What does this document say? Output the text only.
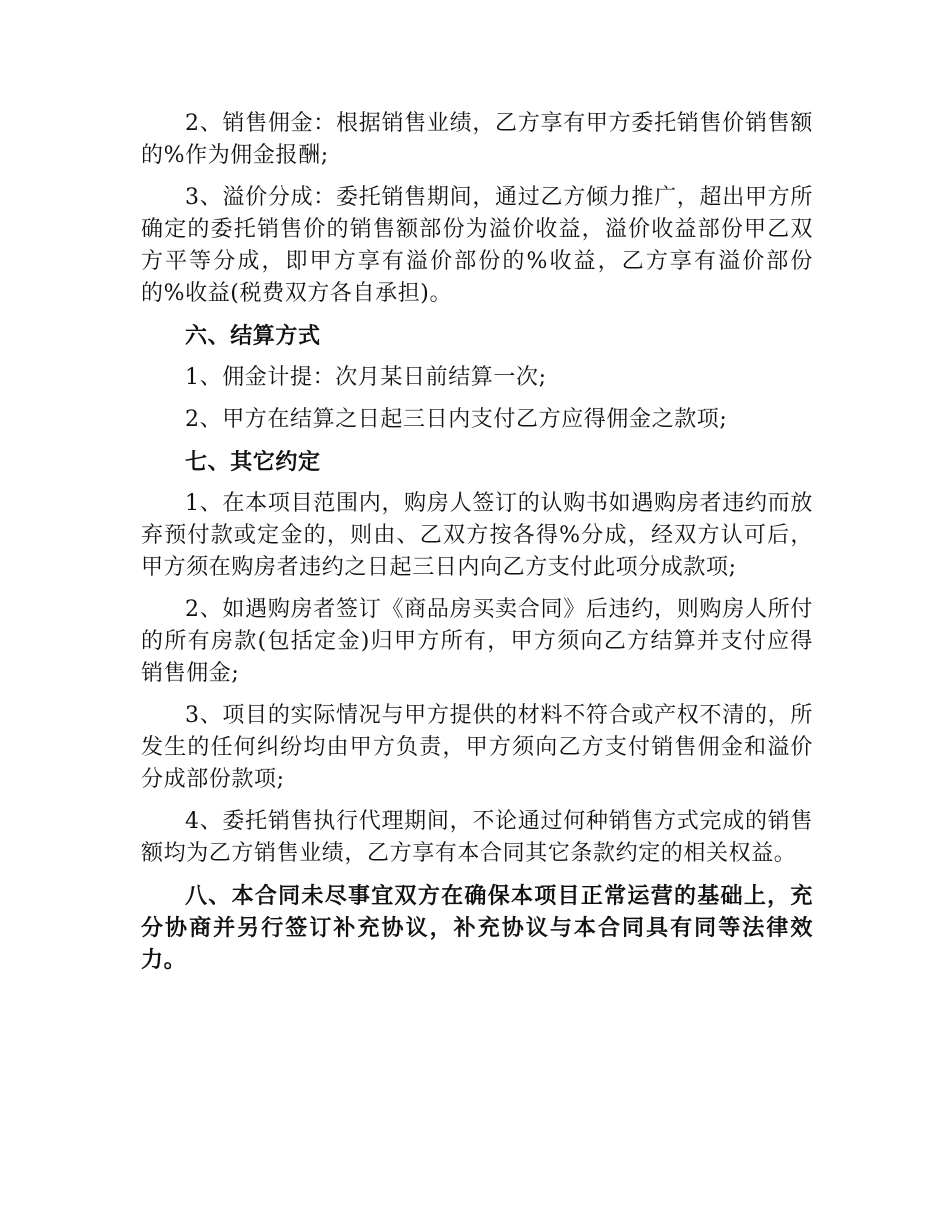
2、销售佣金：根据销售业绩，乙方享有甲方委托销售价销售额的%作为佣金报酬;

3、溢价分成：委托销售期间，通过乙方倾力推广，超出甲方所确定的委托销售价的销售额部份为溢价收益，溢价收益部份甲乙双方平等分成，即甲方享有溢价部份的%收益，乙方享有溢价部份的%收益(税费双方各自承担)。

六、结算方式

1、佣金计提：次月某日前结算一次;

2、甲方在结算之日起三日内支付乙方应得佣金之款项;

七、其它约定

1、在本项目范围内，购房人签订的认购书如遇购房者违约而放弃预付款或定金的，则由、乙双方按各得%分成，经双方认可后，甲方须在购房者违约之日起三日内向乙方支付此项分成款项;

2、如遇购房者签订《商品房买卖合同》后违约，则购房人所付的所有房款(包括定金)归甲方所有，甲方须向乙方结算并支付应得销售佣金;

3、项目的实际情况与甲方提供的材料不符合或产权不清的，所发生的任何纠纷均由甲方负责，甲方须向乙方支付销售佣金和溢价分成部份款项;

4、委托销售执行代理期间，不论通过何种销售方式完成的销售额均为乙方销售业绩，乙方享有本合同其它条款约定的相关权益。

八、本合同未尽事宜双方在确保本项目正常运营的基础上，充分协商并另行签订补充协议，补充协议与本合同具有同等法律效力。
